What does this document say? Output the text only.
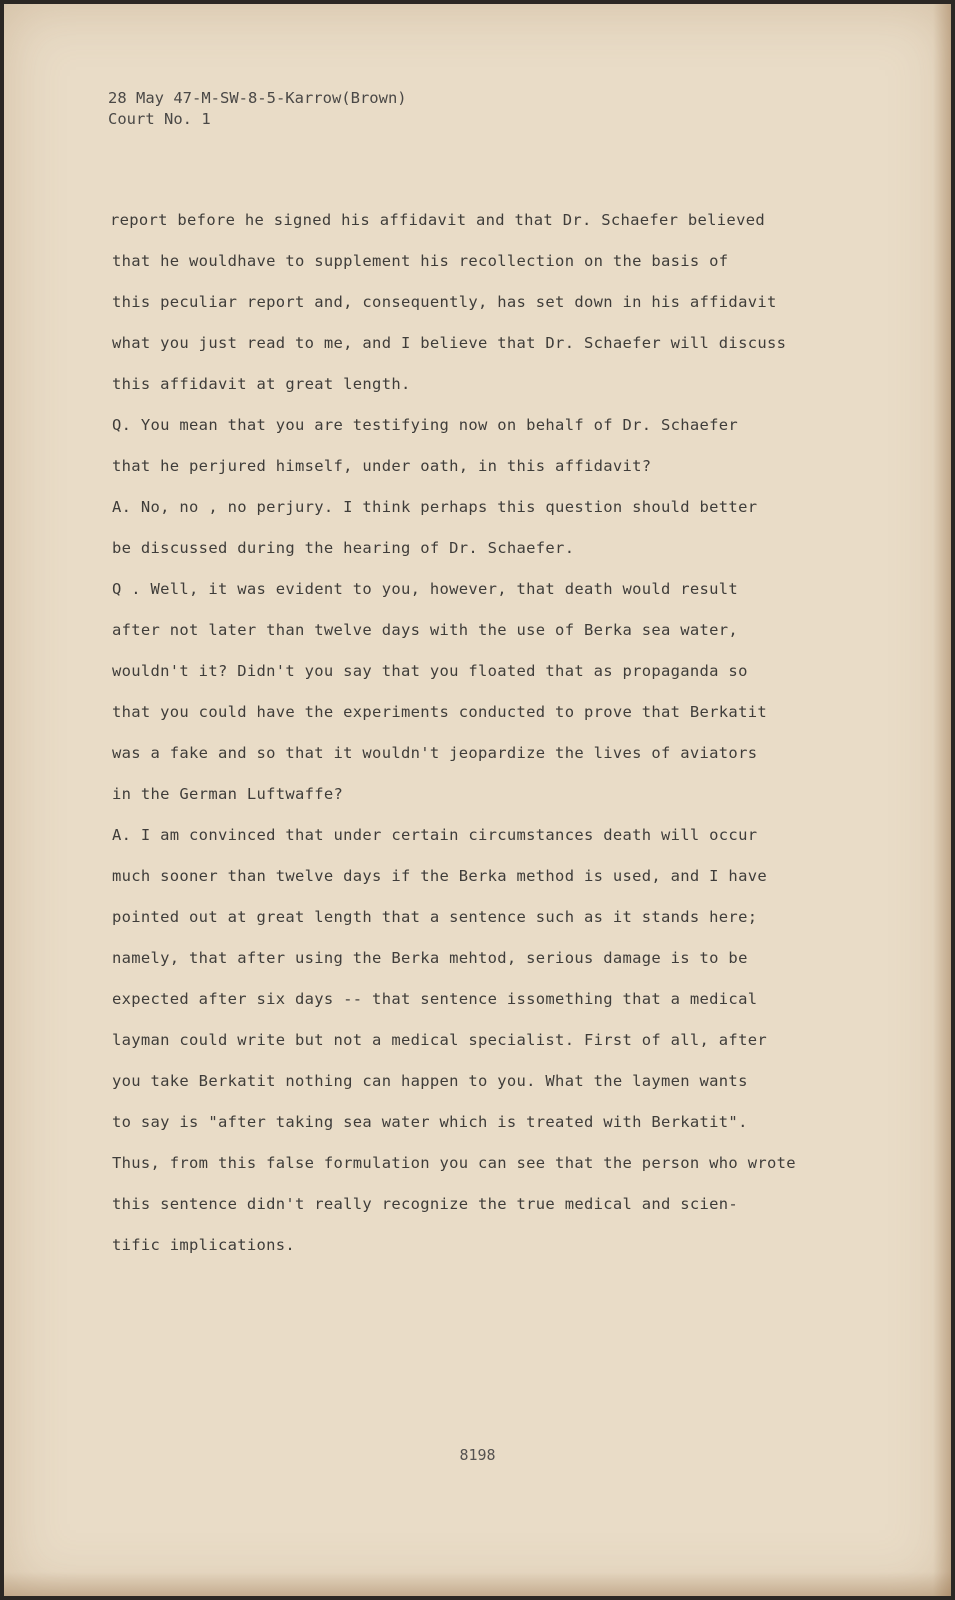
28 May 47-M-SW-8-5-Karrow(Brown)
Court No. 1
report before he signed his affidavit and that Dr. Schaefer believed
that he wouldhave to supplement his recollection on the basis of
this peculiar report and, consequently, has set down in his affidavit
what you just read to me, and I believe that Dr. Schaefer will discuss
this affidavit at great length.
Q. You mean that you are testifying now on behalf of Dr. Schaefer
that he perjured himself, under oath, in this affidavit?
A. No, no , no perjury. I think perhaps this question should better
be discussed during the hearing of Dr. Schaefer.
Q . Well, it was evident to you, however, that death would result
after not later than twelve days with the use of Berka sea water,
wouldn't it? Didn't you say that you floated that as propaganda so
that you could have the experiments conducted to prove that Berkatit
was a fake and so that it wouldn't jeopardize the lives of aviators
in the German Luftwaffe?
A. I am convinced that under certain circumstances death will occur
much sooner than twelve days if the Berka method is used, and I have
pointed out at great length that a sentence such as it stands here;
namely, that after using the Berka mehtod, serious damage is to be
expected after six days -- that sentence issomething that a medical
layman could write but not a medical specialist. First of all, after
you take Berkatit nothing can happen to you. What the laymen wants
to say is "after taking sea water which is treated with Berkatit".
Thus, from this false formulation you can see that the person who wrote
this sentence didn't really recognize the true medical and scien-
tific implications.
8198
